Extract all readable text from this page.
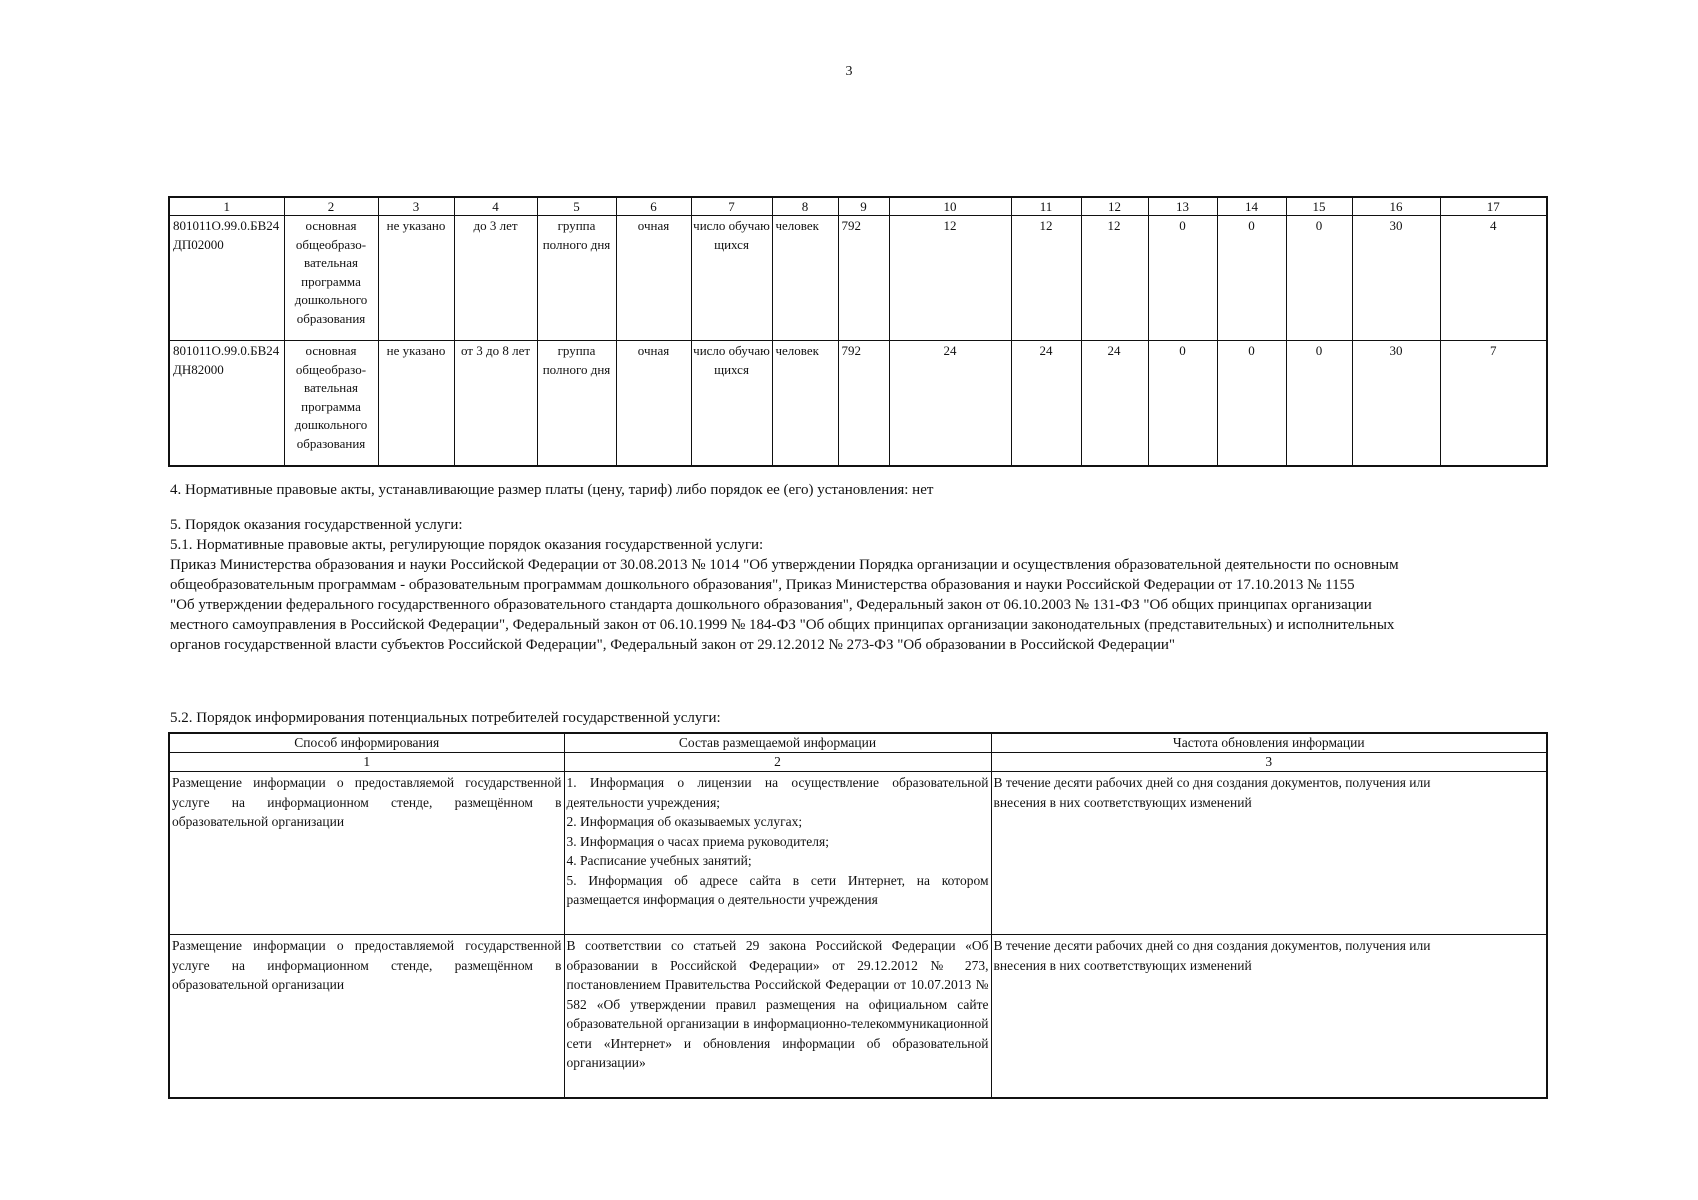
3
1	2	3	4	5	6	7	8	9	10	11	12	13	14	15	16	17
801011О.99.0.БВ24ДП02000	основная общеобразо-вательная программа дошкольного образования	не указано	до 3 лет	группа полного дня	очная	число обучающихся	человек	792	12	12	12	0	0	0	30	4
801011О.99.0.БВ24ДН82000	основная общеобразо-вательная программа дошкольного образования	не указано	от 3 до 8 лет	группа полного дня	очная	число обучающихся	человек	792	24	24	24	0	0	0	30	7
4. Нормативные правовые акты, устанавливающие размер платы (цену, тариф) либо порядок ее (его) установления: нет
5. Порядок оказания государственной услуги:
5.1. Нормативные правовые акты, регулирующие порядок оказания государственной услуги:
Приказ Министерства образования и науки Российской Федерации от 30.08.2013 № 1014 "Об утверждении Порядка организации и осуществления образовательной деятельности по основным
общеобразовательным программам - образовательным программам дошкольного образования", Приказ Министерства образования и науки Российской Федерации от 17.10.2013 № 1155
"Об утверждении федерального государственного образовательного стандарта дошкольного образования", Федеральный закон от 06.10.2003 № 131-ФЗ "Об общих принципах организации
местного самоуправления в Российской Федерации", Федеральный закон от 06.10.1999 № 184-ФЗ "Об общих принципах организации законодательных (представительных) и исполнительных
органов государственной власти субъектов Российской Федерации", Федеральный закон от 29.12.2012 № 273-ФЗ "Об образовании в Российской Федерации"
5.2. Порядок информирования потенциальных потребителей государственной услуги:
Способ информирования	Состав размещаемой информации	Частота обновления информации
1	2	3
Размещение информации о предоставляемой государственной услуге на информационном стенде, размещённом в образовательной организации	1. Информация о лицензии на осуществление образовательной деятельности учреждения;
2. Информация об оказываемых услугах;
3. Информация о часах приема руководителя;
4. Расписание учебных занятий;
5. Информация об адресе сайта в сети Интернет, на котором размещается информация о деятельности учреждения	В течение десяти рабочих дней со дня создания документов, получения или внесения в них соответствующих изменений
Размещение информации о предоставляемой государственной услуге на информационном стенде, размещённом в образовательной организации	В соответствии со статьей 29 закона Российской Федерации «Об образовании в Российской Федерации» от 29.12.2012 № 273, постановлением Правительства Российской Федерации от 10.07.2013 № 582 «Об утверждении правил размещения на официальном сайте образовательной организации в информационно-телекоммуникационной сети «Интернет» и обновления информации об образовательной организации»	В течение десяти рабочих дней со дня создания документов, получения или внесения в них соответствующих изменений
